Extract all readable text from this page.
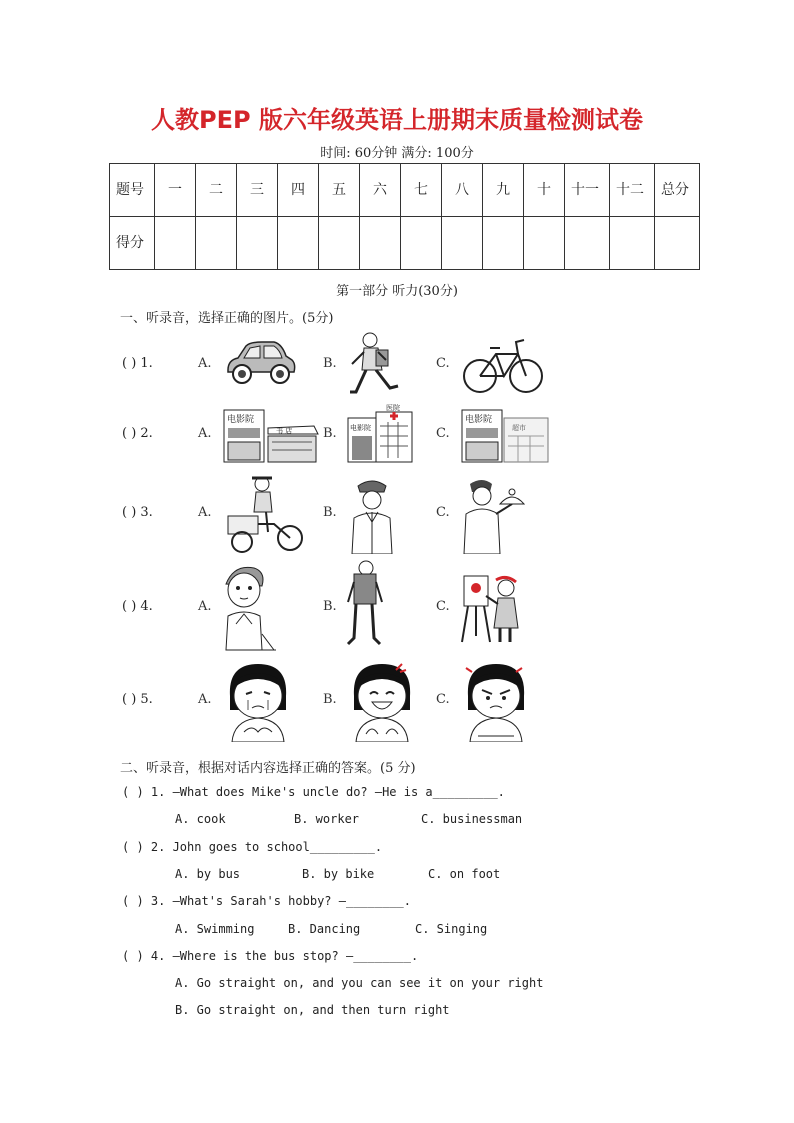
人教PEP 版六年级英语上册期末质量检测试卷
时间: 60分钟 满分: 100分
题号	一	二	三	四	五	六	七	八	九	十	十一	十二	总分
得分													
第一部分 听力(30分)
一、听录音，选择正确的图片。(5分)
( ) 1.	A.	B.	C.
( ) 2.	A.	B.	C.
( ) 3.	A.	B.	C.
( ) 4.	A.	B.	C.
( ) 5.	A.	B.	C.
电影院
书 店	电影院
医院
电影院
超市
二、听录音，根据对话内容选择正确的答案。(5 分)
( ) 1. —What does Mike's uncle do? —He is a_________.
A. cook	B. worker	C. businessman
( ) 2. John goes to school_________.
A. by bus	B. by bike	C. on foot
( ) 3. —What's Sarah's hobby? —________.
A. Swimming	B. Dancing	C. Singing
( ) 4. —Where is the bus stop? —________.
A. Go straight on, and you can see it on your right
B. Go straight on, and then turn right
